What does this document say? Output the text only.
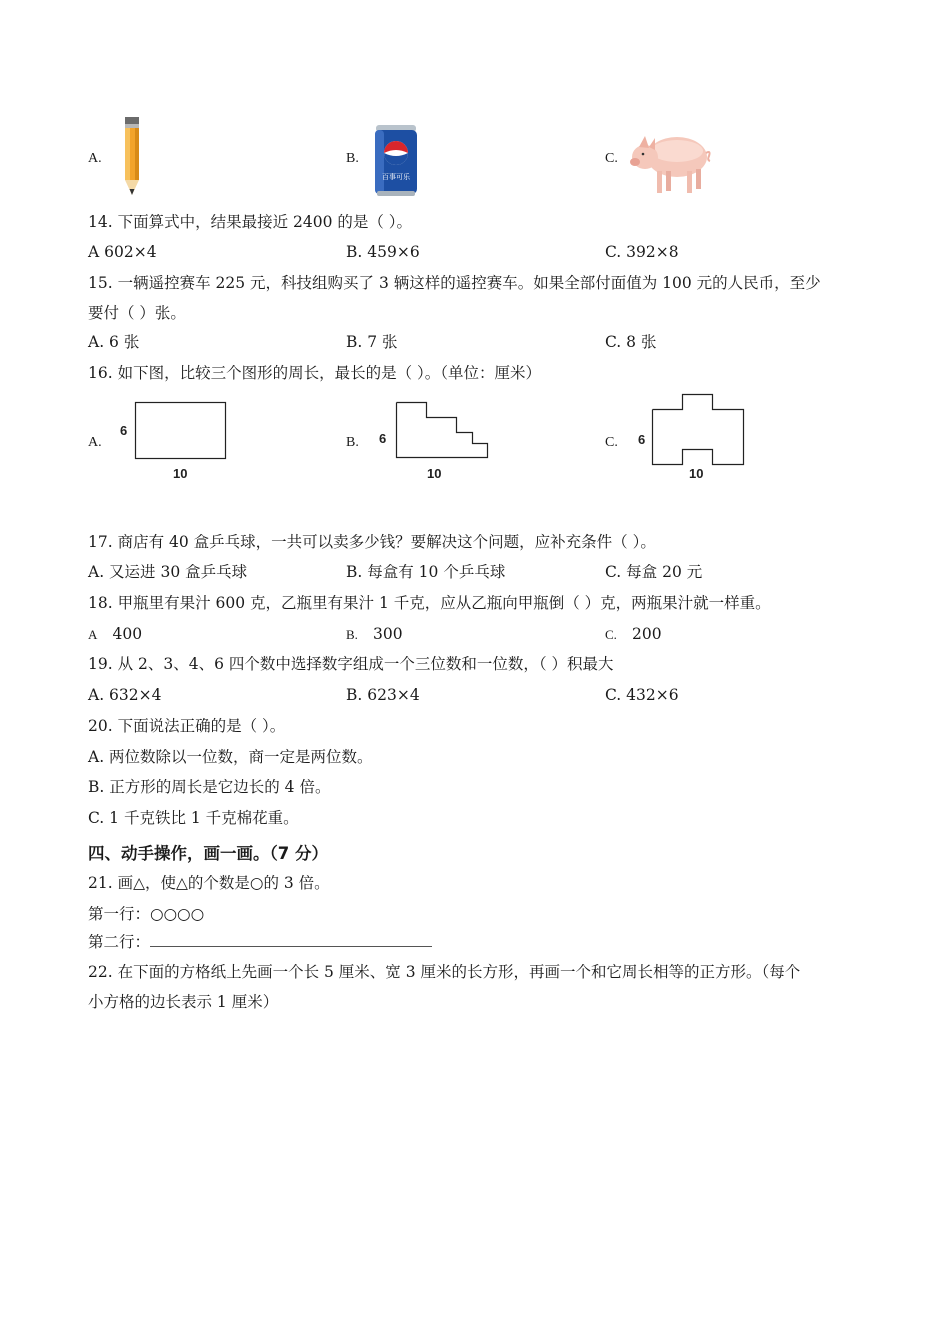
A.	B.
百事可乐
C.
14. 下面算式中，结果最接近 2400 的是（ ）。
A 602×4	B. 459×6	C. 392×8
15. 一辆遥控赛车 225 元，科技组购买了 3 辆这样的遥控赛车。如果全部付面值为 100 元的人民币，至少
要付（ ）张。
A. 6 张	B. 7 张	C. 8 张
16. 如下图，比较三个图形的周长，最长的是（ ）。（单位：厘米）
A.
6
10
B. 6
10
C. 6
10
17. 商店有 40 盒乒乓球，一共可以卖多少钱？要解决这个问题，应补充条件（ ）。
A. 又运进 30 盒乒乓球	B. 每盒有 10 个乒乓球	C. 每盒 20 元
18. 甲瓶里有果汁 600 克，乙瓶里有果汁 1 千克，应从乙瓶向甲瓶倒（ ）克，两瓶果汁就一样重。
A 400	B. 300	C. 200
19. 从 2、3、4、6 四个数中选择数字组成一个三位数和一位数，（ ）积最大
A. 632×4	B. 623×4	C. 432×6
20. 下面说法正确的是（ ）。
A. 两位数除以一位数，商一定是两位数。
B. 正方形的周长是它边长的 4 倍。
C. 1 千克铁比 1 千克棉花重。
四、动手操作，画一画。（7 分）
21. 画△，使△的个数是○的 3 倍。
第一行：○○○○
第二行：
22. 在下面的方格纸上先画一个长 5 厘米、宽 3 厘米的长方形，再画一个和它周长相等的正方形。（每个
小方格的边长表示 1 厘米）
